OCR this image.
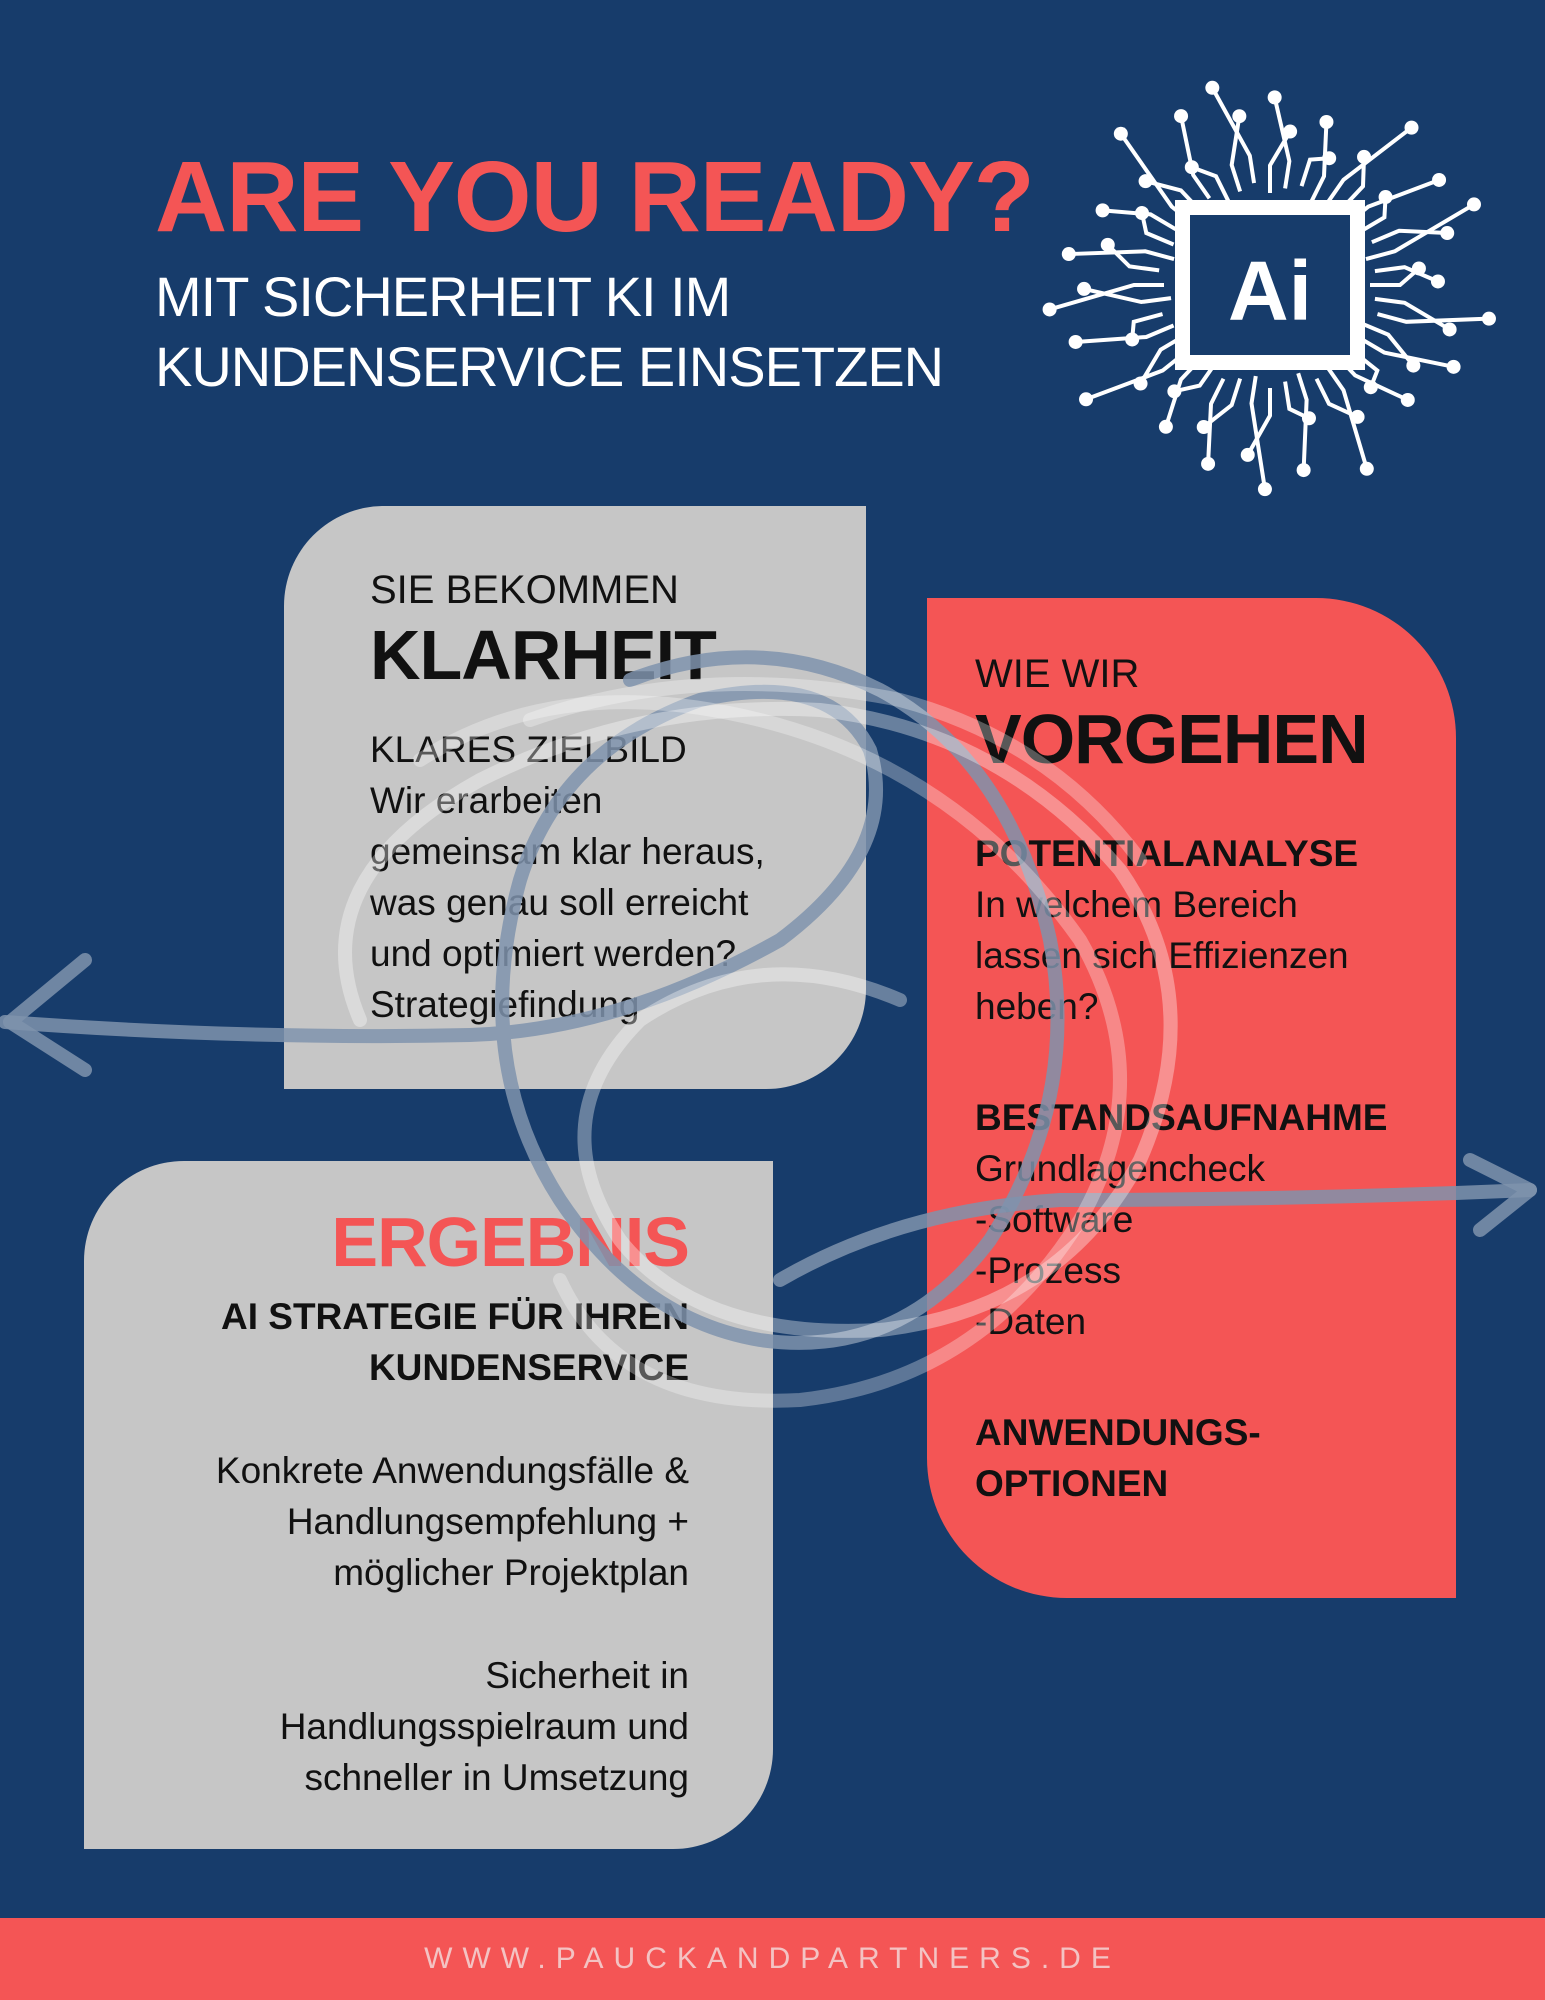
ARE YOU READY?
MIT SICHERHEIT KI IM
KUNDENSERVICE EINSETZEN
Ai
SIE BEKOMMEN
KLARHEIT
KLARES ZIELBILD
Wir erarbeiten
gemeinsam klar heraus,
was genau soll erreicht
und optimiert werden?
Strategiefindung
WIE WIR
VORGEHEN
POTENTIALANALYSE
In welchem Bereich
lassen sich Effizienzen
heben?
BESTANDSAUFNAHME
Grundlagencheck
-Software
-Prozess
-Daten
ANWENDUNGS-
OPTIONEN
ERGEBNIS
AI STRATEGIE FÜR IHREN
KUNDENSERVICE
Konkrete Anwendungsfälle &
Handlungsempfehlung +
möglicher Projektplan
Sicherheit in
Handlungsspielraum und
schneller in Umsetzung
WWW.PAUCKANDPARTNERS.DE
